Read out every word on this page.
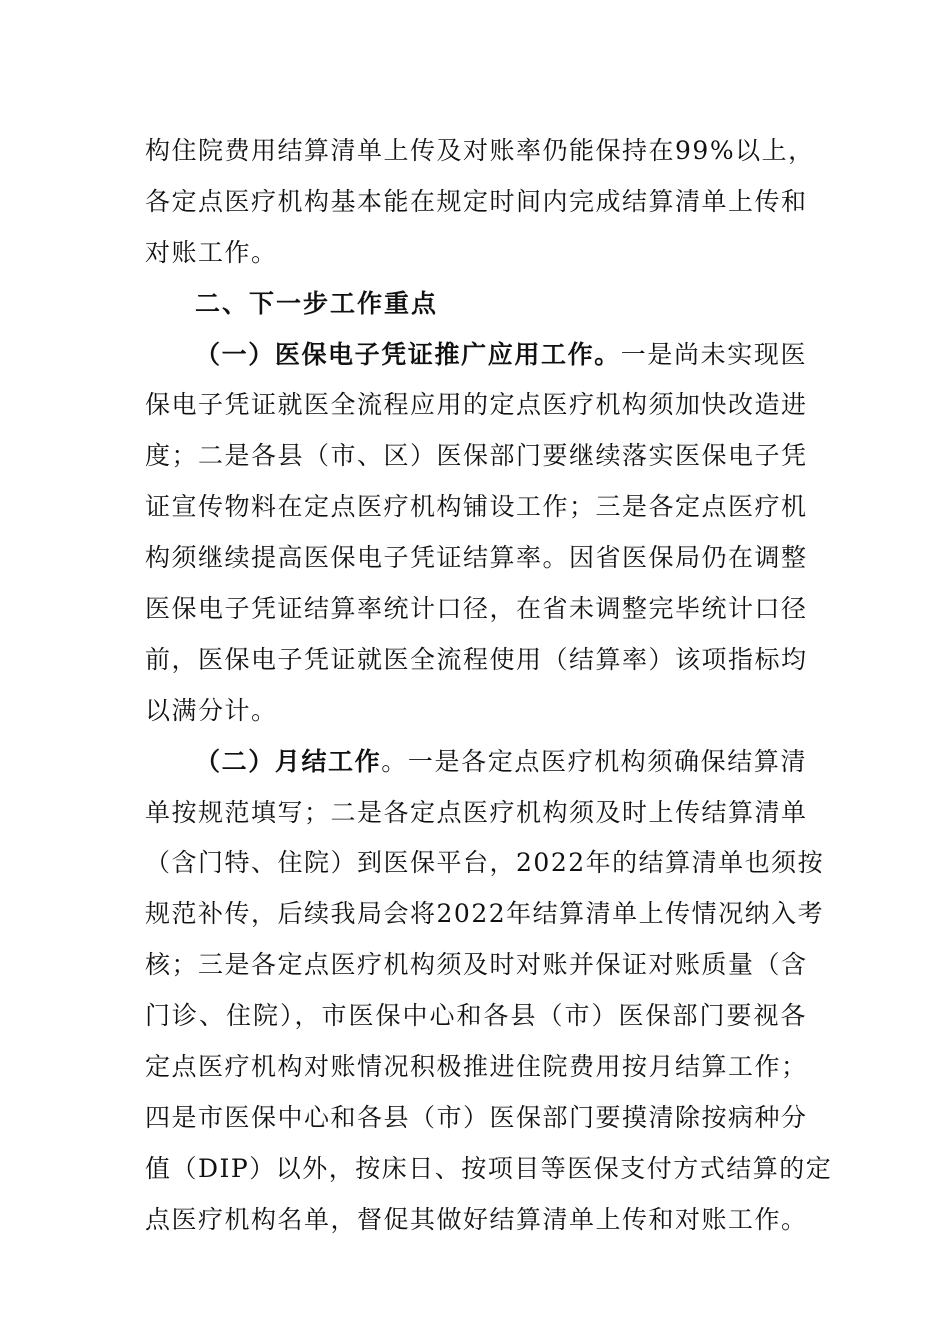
构住院费用结算清单上传及对账率仍能保持在99%以上，
各定点医疗机构基本能在规定时间内完成结算清单上传和
对账工作。
二、下一步工作重点
（一）医保电子凭证推广应用工作。一是尚未实现医
保电子凭证就医全流程应用的定点医疗机构须加快改造进
度；二是各县（市、区）医保部门要继续落实医保电子凭
证宣传物料在定点医疗机构铺设工作；三是各定点医疗机
构须继续提高医保电子凭证结算率。因省医保局仍在调整
医保电子凭证结算率统计口径，在省未调整完毕统计口径
前，医保电子凭证就医全流程使用（结算率）该项指标均
以满分计。
（二）月结工作。一是各定点医疗机构须确保结算清
单按规范填写；二是各定点医疗机构须及时上传结算清单
（含门特、住院）到医保平台，2022年的结算清单也须按
规范补传，后续我局会将2022年结算清单上传情况纳入考
核；三是各定点医疗机构须及时对账并保证对账质量（含
门诊、住院），市医保中心和各县（市）医保部门要视各
定点医疗机构对账情况积极推进住院费用按月结算工作；
四是市医保中心和各县（市）医保部门要摸清除按病种分
值（DIP）以外，按床日、按项目等医保支付方式结算的定
点医疗机构名单，督促其做好结算清单上传和对账工作。
